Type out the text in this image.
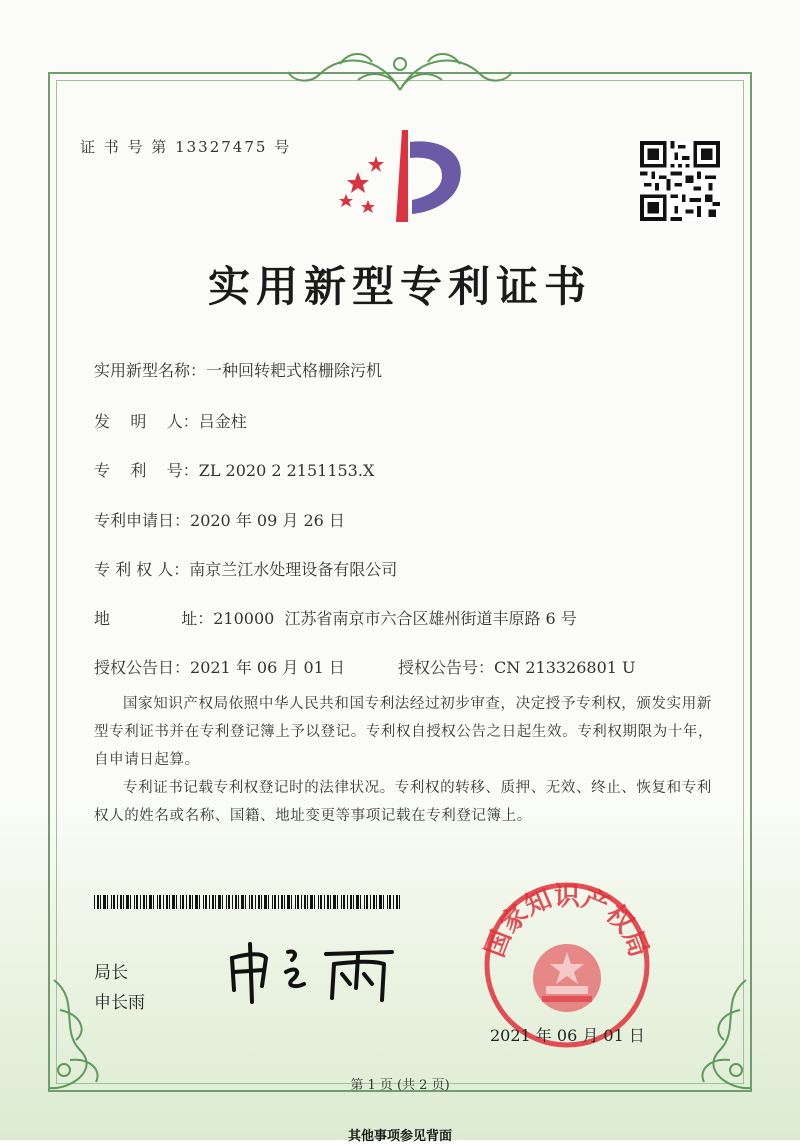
证 书 号 第 13327475 号
实用新型专利证书
实用新型名称：一种回转耙式格栅除污机
发    明    人：吕金柱
专    利    号：ZL 2020 2 2151153.X
专利申请日：2020 年 09 月 26 日
专 利 权 人：南京兰江水处理设备有限公司
地              址：210000  江苏省南京市六合区雄州街道丰原路 6 号
授权公告日：2021 年 06 月 01 日	授权公告号：CN 213326801 U
国家知识产权局依照中华人民共和国专利法经过初步审查，决定授予专利权，颁发实用新型专利证书并在专利登记簿上予以登记。专利权自授权公告之日起生效。专利权期限为十年，自申请日起算。
专利证书记载专利权登记时的法律状况。专利权的转移、质押、无效、终止、恢复和专利权人的姓名或名称、国籍、地址变更等事项记载在专利登记簿上。
局长
申长雨
国家知识产权局
2021 年 06 月 01 日
第 1 页 (共 2 页)
其他事项参见背面
